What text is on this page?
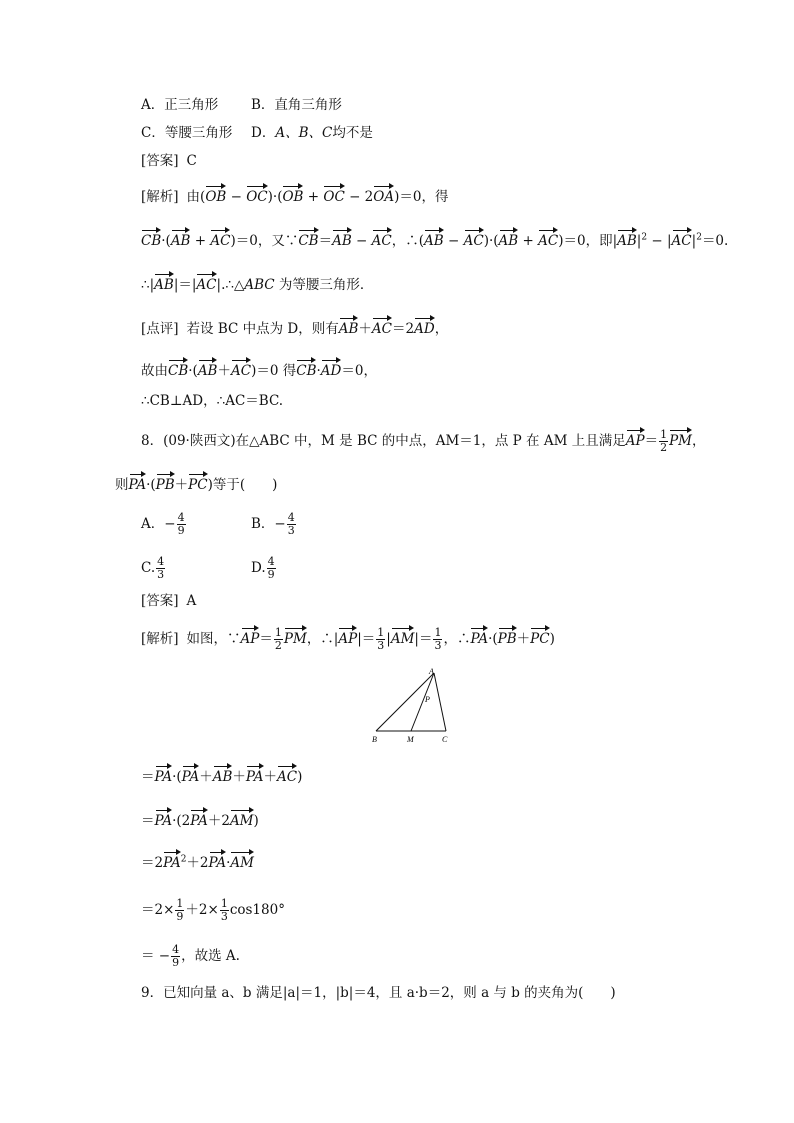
A．正三角形 B．直角三角形
C．等腰三角形 D．A、B、C均不是
[答案] C
[解析] 由(OB − OC)·(OB + OC − 2OA)＝0，得
CB·(AB + AC)＝0，又∵CB＝AB − AC，∴(AB − AC)·(AB + AC)＝0，即$|AB|^2 - |AC|^2=0$.
∴|AB|＝|AC|.∴△ABC 为等腰三角形．
[点评] 若设 BC 中点为 D，则有AB＋AC＝2AD，
故由CB·(AB＋AC)＝0 得CB·AD＝0，
∴CB⊥AD，∴AC＝BC.
8．(09·陕西文)在△ABC 中，M 是 BC 的中点，AM＝1，点 P 在 AM 上且满足$AP= \frac{1}{2}$ PM，
则PA·(PB＋PC)等于(　　)
A．− $\frac{4}{9}$	B．− $\frac{4}{3}$
C. $\frac{4}{3}$	D. $\frac{4}{9}$
[答案] A
[解析] 如图，∵AP＝ $\frac{1}{2}$ PM，∴|AP|＝ $\frac{1}{3} |AM|= \frac{1}{3}$ ，∴PA·(PB＋PC)
A
P
B	M	C
＝PA·(PA＋AB＋PA＋AC)
＝PA·(2PA＋2AM)
$=2PA^2+2PA\cdot AM$
$=2\times \frac{1}{9} +2\times \frac{1}{3} \cos 180^\circ$
＝ − $\frac{4}{9}$ ，故选 A.
9．已知向量 a、b 满足|a|＝1，|b|＝4，且 a·b＝2，则 a 与 b 的夹角为(　　)
